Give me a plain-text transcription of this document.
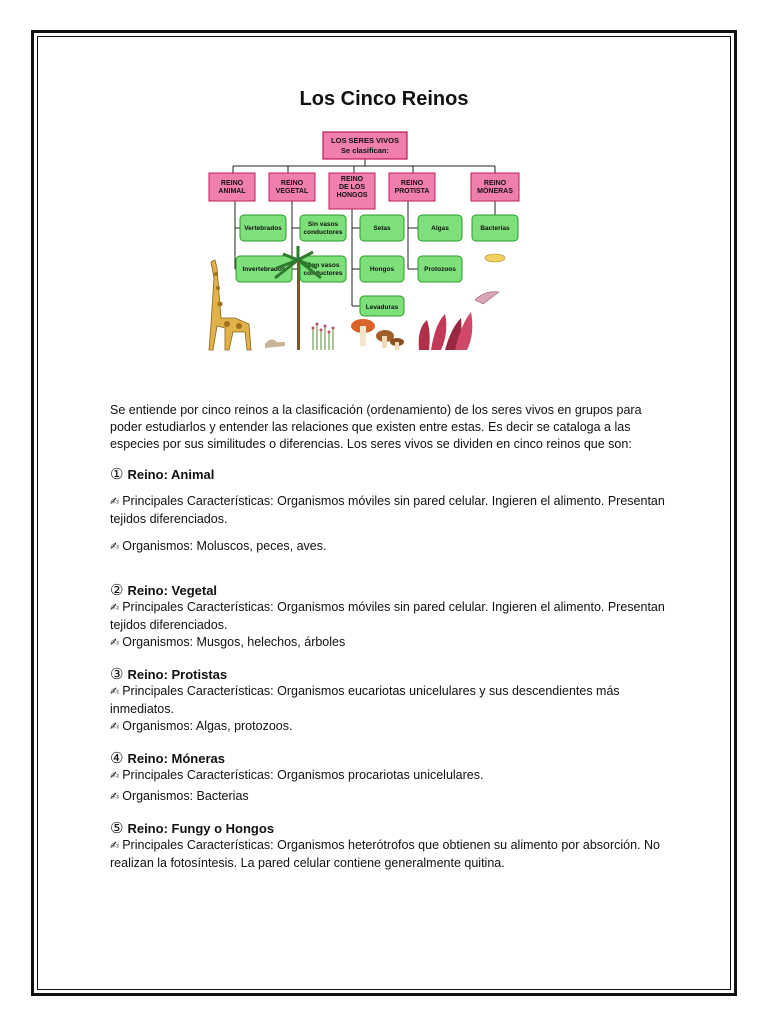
Los Cinco Reinos
LOS SERES VIVOS
Se clasifican:
REINO
ANIMAL
REINO
VEGETAL
REINO
DE LOS
HONGOS
REINO
PROTISTA
REINO
MÓNERAS
Vertebrados
Invertebrados
Sin vasos
conductores
Con vasos
conductores
Setas
Hongos
Levaduras
Algas
Protozoos
Bacterias

Se entiende por cinco reinos a la clasificación (ordenamiento) de los seres vivos en grupos para poder estudiarlos y entender las relaciones que existen entre estas. Es decir se cataloga a las especies por sus similitudes o diferencias. Los seres vivos se dividen en cinco reinos que son:

① Reino: Animal

✍ Principales Características: Organismos móviles sin pared celular. Ingieren el alimento. Presentan tejidos diferenciados.

✍ Organismos: Moluscos, peces, aves.

② Reino: Vegetal

✍ Principales Características: Organismos móviles sin pared celular. Ingieren el alimento. Presentan tejidos diferenciados.

✍ Organismos: Musgos, helechos, árboles

③ Reino: Protistas

✍ Principales Características: Organismos eucariotas unicelulares y sus descendientes más inmediatos.

✍ Organismos: Algas, protozoos.

④ Reino: Móneras

✍ Principales Características: Organismos procariotas unicelulares.

✍ Organismos: Bacterias

⑤ Reino: Fungy o Hongos

✍ Principales Características: Organismos heterótrofos que obtienen su alimento por absorción. No realizan la fotosíntesis. La pared celular contiene generalmente quitina.
